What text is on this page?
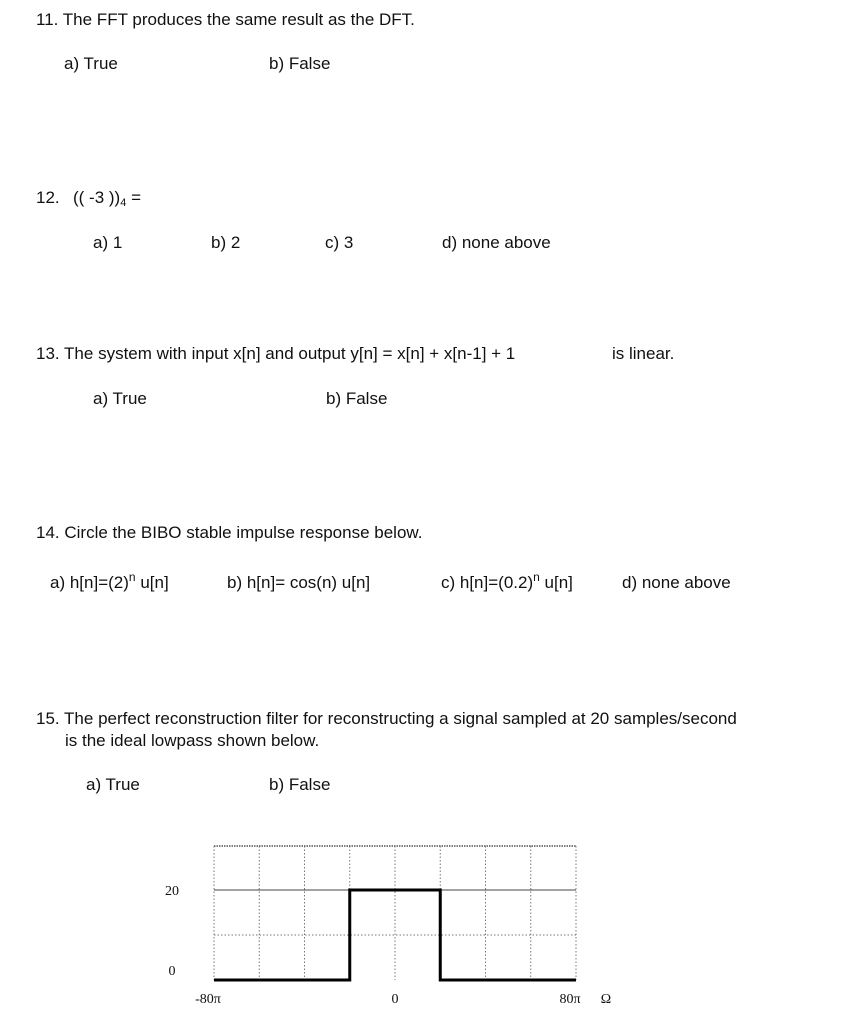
11. The FFT produces the same result as the DFT.
a) True	b) False
12. (( -3 ))4 =
a) 1	b) 2	c) 3	d) none above
13. The system with input x[n] and output y[n] = x[n] + x[n-1] + 1	is linear.
a) True	b) False
14. Circle the BIBO stable impulse response below.
a) $h[n]=(2)^n$ u[n]	b) h[n]= cos(n) u[n]	c) $h[n]=(0.2)^n$ u[n]	d) none above
15. The perfect reconstruction filter for reconstructing a signal sampled at 20 samples/second
is the ideal lowpass shown below.
a) True	b) False
20
0
-80π	0	80π Ω
